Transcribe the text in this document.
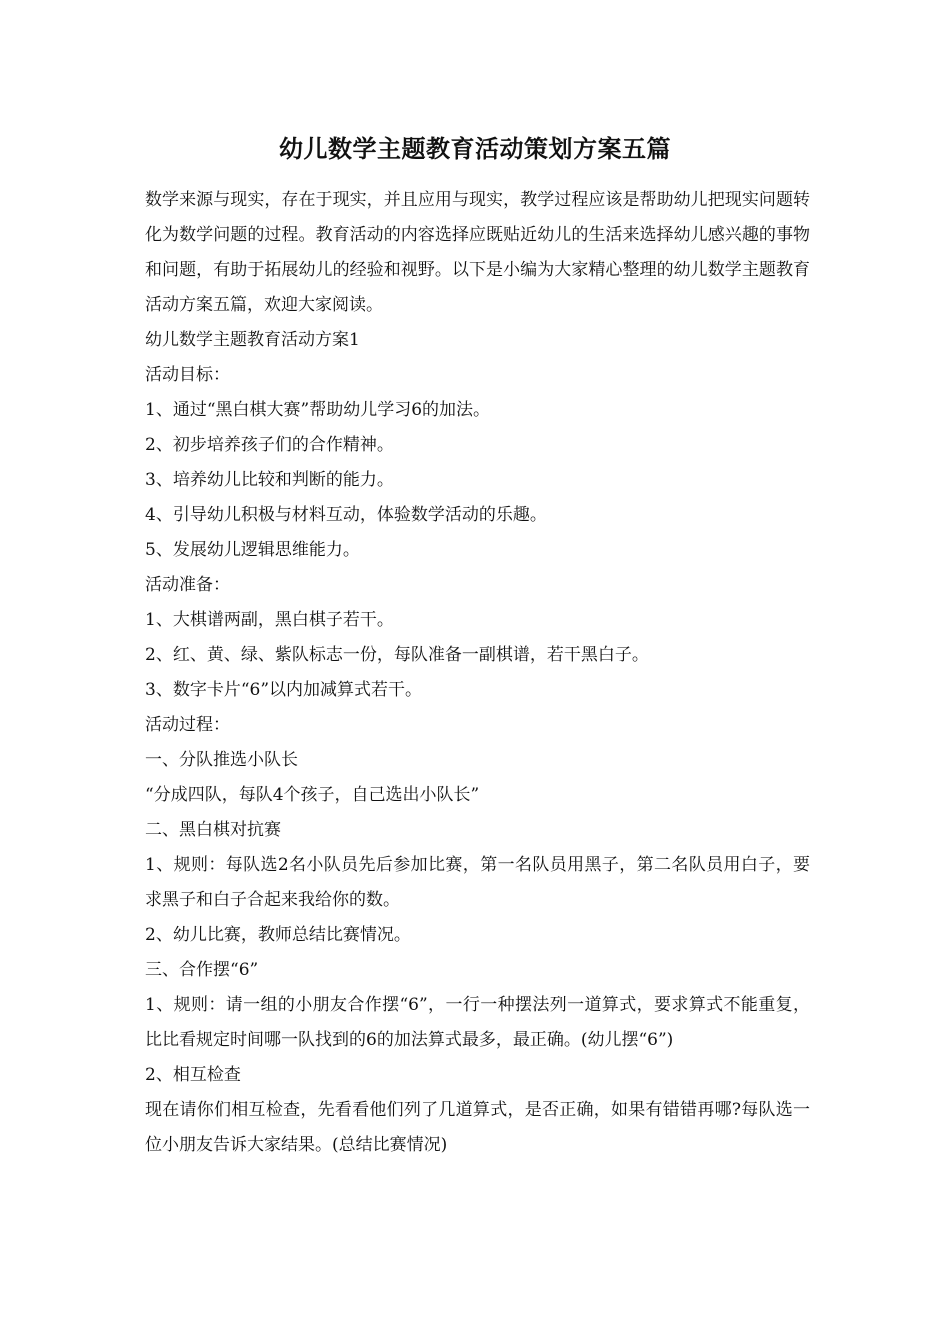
幼儿数学主题教育活动策划方案五篇

数学来源与现实，存在于现实，并且应用与现实，教学过程应该是帮助幼儿把现实问题转化为数学问题的过程。教育活动的内容选择应既贴近幼儿的生活来选择幼儿感兴趣的事物和问题，有助于拓展幼儿的经验和视野。以下是小编为大家精心整理的幼儿数学主题教育活动方案五篇，欢迎大家阅读。

幼儿数学主题教育活动方案1

活动目标：

1、通过“黑白棋大赛”帮助幼儿学习6的加法。

2、初步培养孩子们的合作精神。

3、培养幼儿比较和判断的能力。

4、引导幼儿积极与材料互动，体验数学活动的乐趣。

5、发展幼儿逻辑思维能力。

活动准备：

1、大棋谱两副，黑白棋子若干。

2、红、黄、绿、紫队标志一份，每队准备一副棋谱，若干黑白子。

3、数字卡片“6”以内加减算式若干。

活动过程：

一、分队推选小队长

“分成四队，每队4个孩子，自己选出小队长”

二、黑白棋对抗赛

1、规则：每队选2名小队员先后参加比赛，第一名队员用黑子，第二名队员用白子，要求黑子和白子合起来我给你的数。

2、幼儿比赛，教师总结比赛情况。

三、合作摆“6”

1、规则：请一组的小朋友合作摆“6”，一行一种摆法列一道算式，要求算式不能重复，比比看规定时间哪一队找到的6的加法算式最多，最正确。(幼儿摆“6”)

2、相互检查

现在请你们相互检查，先看看他们列了几道算式，是否正确，如果有错错再哪?每队选一位小朋友告诉大家结果。(总结比赛情况)
